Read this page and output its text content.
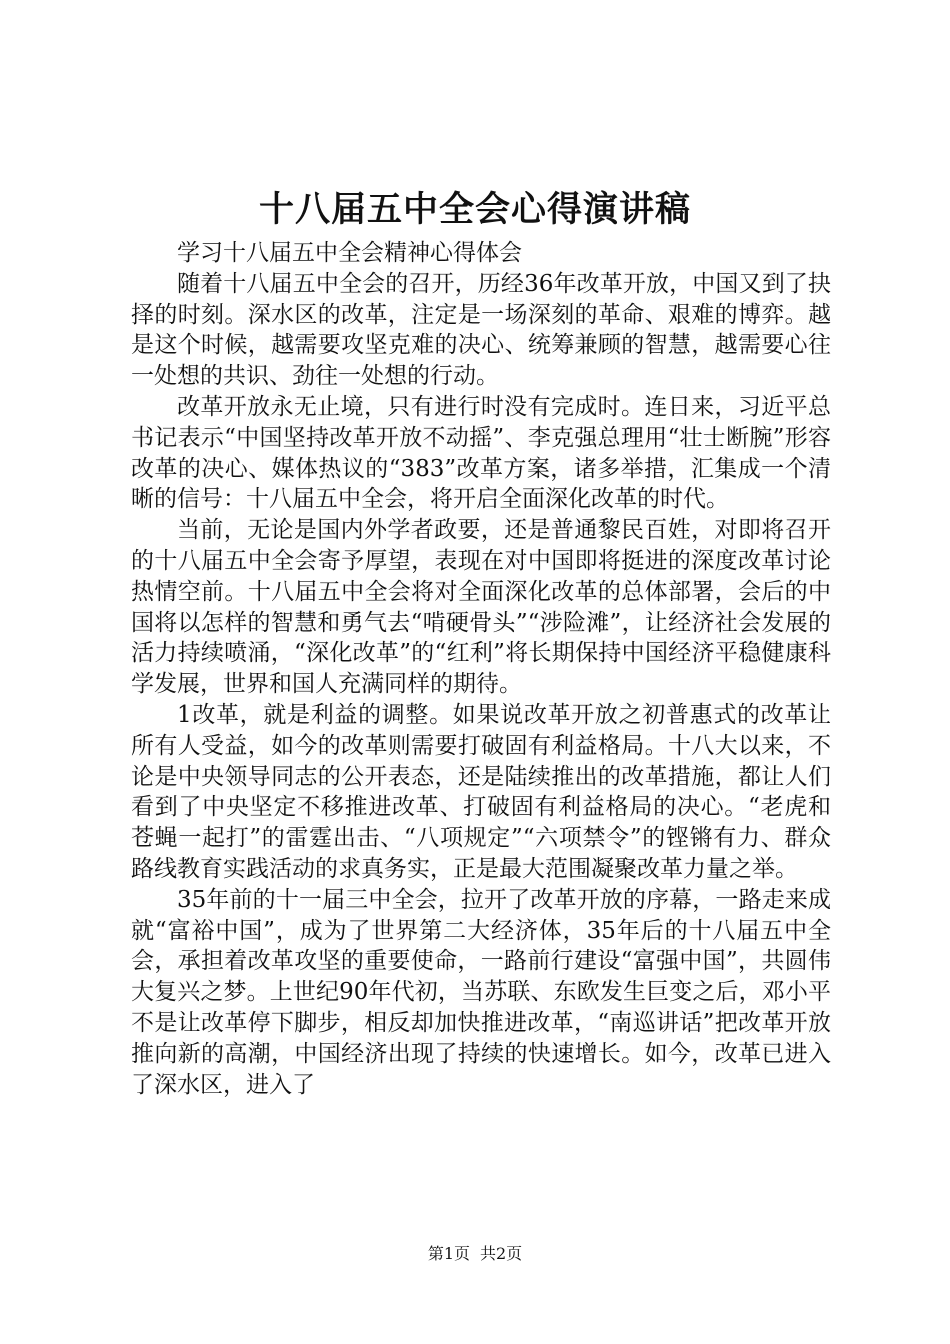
十八届五中全会心得演讲稿

学习十八届五中全会精神心得体会

随着十八届五中全会的召开，历经36年改革开放，中国又到了抉择的时刻。深水区的改革，注定是一场深刻的革命、艰难的博弈。越是这个时候，越需要攻坚克难的决心、统筹兼顾的智慧，越需要心往一处想的共识、劲往一处想的行动。

改革开放永无止境，只有进行时没有完成时。连日来，习近平总书记表示“中国坚持改革开放不动摇”、李克强总理用“壮士断腕”形容改革的决心、媒体热议的“383”改革方案，诸多举措，汇集成一个清晰的信号：十八届五中全会，将开启全面深化改革的时代。

当前，无论是国内外学者政要，还是普通黎民百姓，对即将召开的十八届五中全会寄予厚望，表现在对中国即将挺进的深度改革讨论热情空前。十八届五中全会将对全面深化改革的总体部署，会后的中国将以怎样的智慧和勇气去“啃硬骨头”“涉险滩”，让经济社会发展的活力持续喷涌，“深化改革”的“红利”将长期保持中国经济平稳健康科学发展，世界和国人充满同样的期待。

1改革，就是利益的调整。如果说改革开放之初普惠式的改革让所有人受益，如今的改革则需要打破固有利益格局。十八大以来，不论是中央领导同志的公开表态，还是陆续推出的改革措施，都让人们看到了中央坚定不移推进改革、打破固有利益格局的决心。“老虎和苍蝇一起打”的雷霆出击、“八项规定”“六项禁令”的铿锵有力、群众路线教育实践活动的求真务实，正是最大范围凝聚改革力量之举。

35年前的十一届三中全会，拉开了改革开放的序幕，一路走来成就“富裕中国”，成为了世界第二大经济体，35年后的十八届五中全会，承担着改革攻坚的重要使命，一路前行建设“富强中国”，共圆伟大复兴之梦。上世纪90年代初，当苏联、东欧发生巨变之后，邓小平不是让改革停下脚步，相反却加快推进改革，“南巡讲话”把改革开放推向新的高潮，中国经济出现了持续的快速增长。如今，改革已进入了深水区，进入了

第1页 共2页
